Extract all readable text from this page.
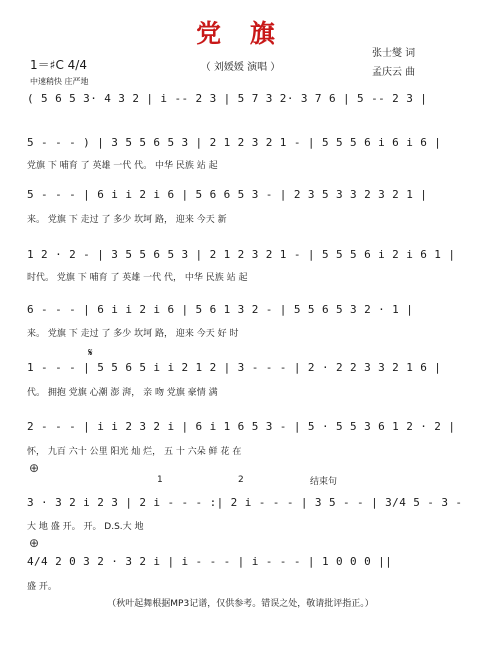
党 旗
（ 刘媛媛 演唱 ）
张士燮 词
孟庆云 曲
1＝♯C 4/4
中速稍快 庄严地
( 5 6 5 3· 4 3 2 | i -- 2 3 | 5 7 3 2· 3 7 6 | 5 -- 2 3 |
5 - - - ) | 3 5 5 6 5 3 | 2 1 2 3 2 1 - | 5 5 5 6 i 6 i 6 |
党旗 下 哺育 了 英雄 一代 代。 中华 民族 站 起
5 - - - | 6 i i 2 i 6 | 5 6 6 5 3 - | 2 3 5 3 3 2 3 2 1 |
来。 党旗 下 走过 了 多少 坎坷 路， 迎来 今天 新
1 2 · 2 - | 3 5 5 6 5 3 | 2 1 2 3 2 1 - | 5 5 5 6 i 2 i 6 1 |
时代。 党旗 下 哺育 了 英雄 一代 代， 中华 民族 站 起
6 - - - | 6 i i 2 i 6 | 5 6 1 3 2 - | 5 5 6 5 3 2 · 1 |
来。 党旗 下 走过 了 多少 坎坷 路， 迎来 今天 好 时
𝄋
1 - - - | 5 5 6 5 i i 2 1 2 | 3 - - - | 2 · 2 2 3 3 2 1 6 |
代。 拥抱 党旗 心潮 澎 湃， 亲 吻 党旗 豪情 满
2 - - - | i i 2 3 2 i | 6 i 1 6 5 3 - | 5 · 5 5 3 6 1 2 · 2 |
怀， 九百 六十 公里 阳光 灿 烂， 五 十 六朵 鲜 花 在
⊕
1	2	结束句
3 · 3 2 i 2 3 | 2 i - - - :| 2 i - - - | 3 5 - - | 3/4 5 - 3 -
大 地 盛 开。 开。 D.S.大 地
⊕
4/4 2 0 3 2 · 3 2 i | i - - - | i - - - | 1 0 0 0 ||
盛 开。
（秋叶起舞根据MP3记谱，仅供参考。错误之处，敬请批评指正。）
